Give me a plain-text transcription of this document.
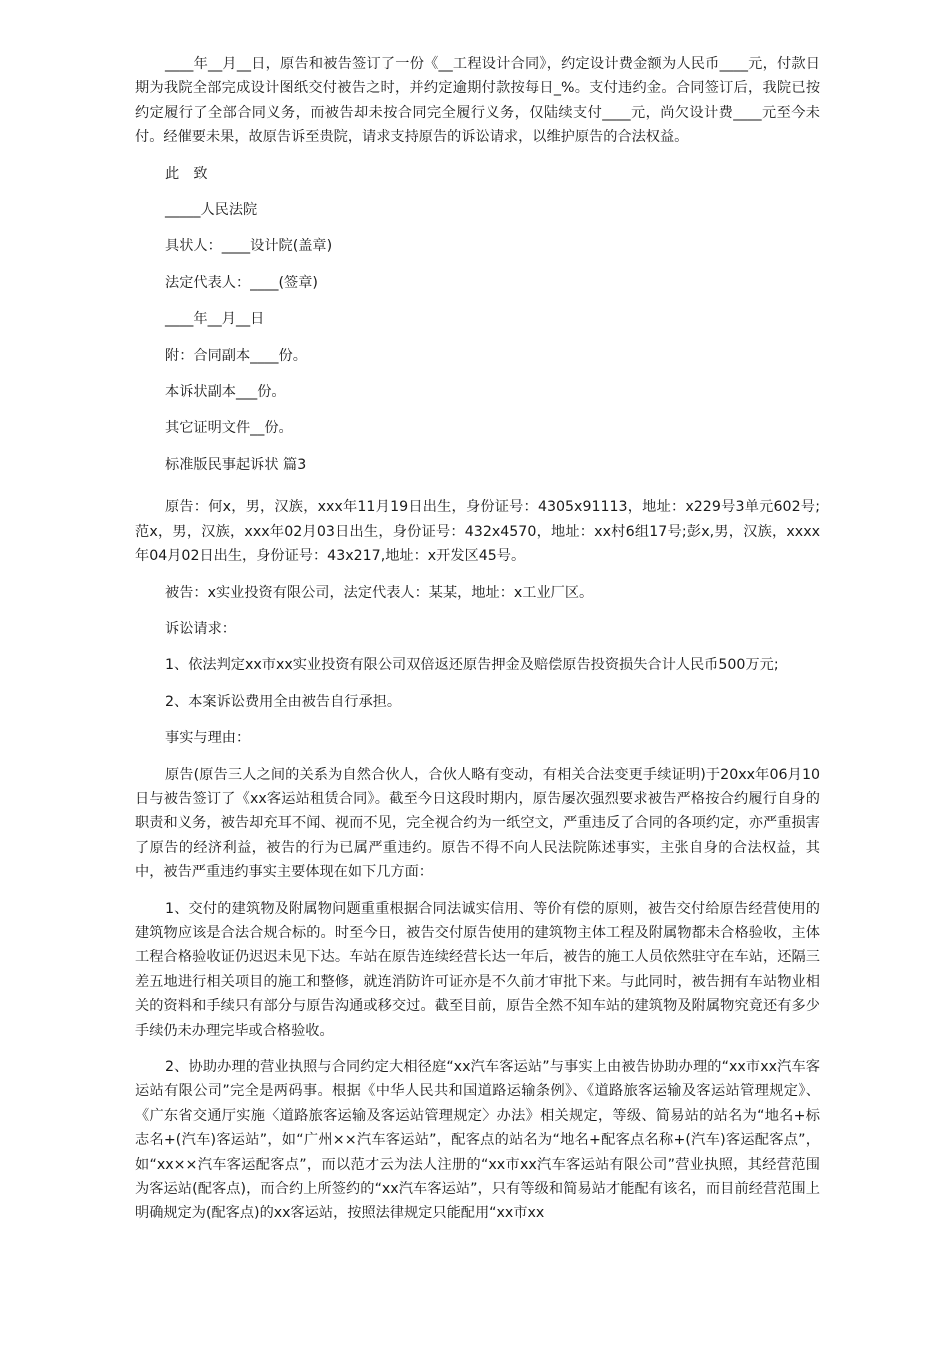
____年__月__日，原告和被告签订了一份《__工程设计合同》，约定设计费金额为人民币____元，付款日期为我院全部完成设计图纸交付被告之时，并约定逾期付款按每日_%。支付违约金。合同签订后，我院已按约定履行了全部合同义务，而被告却未按合同完全履行义务，仅陆续支付____元，尚欠设计费____元至今未付。经催要未果，故原告诉至贵院，请求支持原告的诉讼请求，以维护原告的合法权益。

此　致
_____人民法院
具状人：____设计院(盖章)
法定代表人：____(签章)
____年__月__日
附：合同副本____份。
本诉状副本___份。
其它证明文件__份。
标准版民事起诉状 篇3

原告：何x，男，汉族，xxx年11月19日出生，身份证号：4305x91113，地址：x229号3单元602号;范x，男，汉族，xxx年02月03日出生，身份证号：432x4570，地址：xx村6组17号;彭x,男，汉族，xxxx年04月02日出生，身份证号：43x217,地址：x开发区45号。

被告：x实业投资有限公司，法定代表人：某某，地址：x工业厂区。

诉讼请求：

1、依法判定xx市xx实业投资有限公司双倍返还原告押金及赔偿原告投资损失合计人民币500万元;

2、本案诉讼费用全由被告自行承担。

事实与理由：

原告(原告三人之间的关系为自然合伙人，合伙人略有变动，有相关合法变更手续证明)于20xx年06月10日与被告签订了《xx客运站租赁合同》。截至今日这段时期内，原告屡次强烈要求被告严格按合约履行自身的职责和义务，被告却充耳不闻、视而不见，完全视合约为一纸空文，严重违反了合同的各项约定，亦严重损害了原告的经济利益，被告的行为已属严重违约。原告不得不向人民法院陈述事实，主张自身的合法权益，其中，被告严重违约事实主要体现在如下几方面：

1、交付的建筑物及附属物问题重重根据合同法诚实信用、等价有偿的原则，被告交付给原告经营使用的建筑物应该是合法合规合标的。时至今日，被告交付原告使用的建筑物主体工程及附属物都未合格验收，主体工程合格验收证仍迟迟未见下达。车站在原告连续经营长达一年后，被告的施工人员依然驻守在车站，还隔三差五地进行相关项目的施工和整修，就连消防许可证亦是不久前才审批下来。与此同时，被告拥有车站物业相关的资料和手续只有部分与原告沟通或移交过。截至目前，原告全然不知车站的建筑物及附属物究竟还有多少手续仍未办理完毕或合格验收。

2、协助办理的营业执照与合同约定大相径庭“xx汽车客运站”与事实上由被告协助办理的“xx市xx汽车客运站有限公司”完全是两码事。根据《中华人民共和国道路运输条例》、《道路旅客运输及客运站管理规定》、《广东省交通厅实施〈道路旅客运输及客运站管理规定〉办法》相关规定，等级、简易站的站名为“地名+标志名+(汽车)客运站”，如“广州××汽车客运站”，配客点的站名为“地名+配客点名称+(汽车)客运配客点”，如“xx××汽车客运配客点”，而以范才云为法人注册的“xx市xx汽车客运站有限公司”营业执照，其经营范围为客运站(配客点)，而合约上所签约的“xx汽车客运站”，只有等级和简易站才能配有该名，而目前经营范围上明确规定为(配客点)的xx客运站，按照法律规定只能配用“xx市xx
